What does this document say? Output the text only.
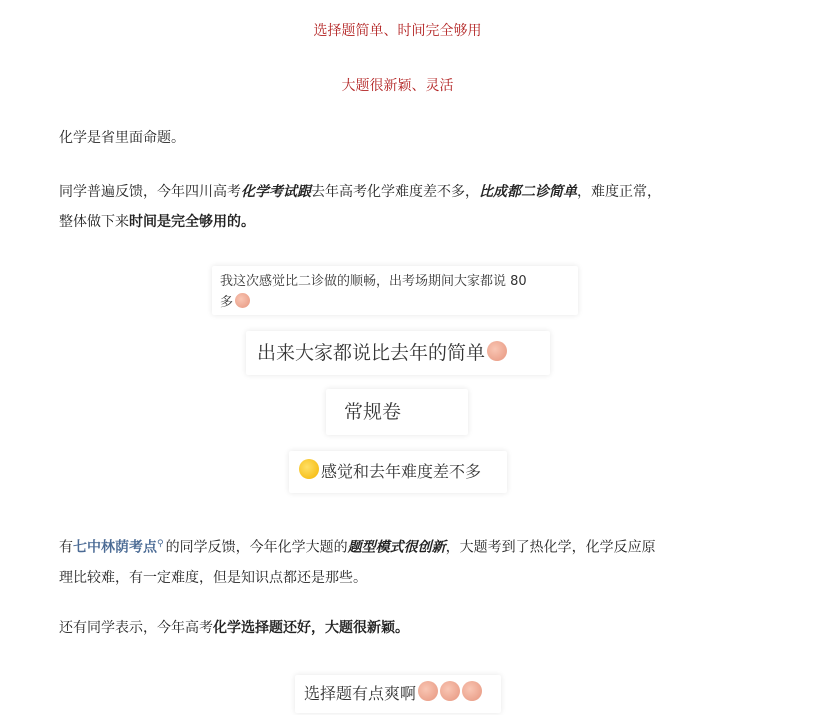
选择题简单、时间完全够用
大题很新颖、灵活
化学是省里面命题。
同学普遍反馈，今年四川高考化学考试跟去年高考化学难度差不多，比成都二诊简单，难度正常，
整体做下来时间是完全够用的。
我这次感觉比二诊做的顺畅，出考场期间大家都说 80
多
出来大家都说比去年的简单
常规卷
感觉和去年难度差不多
有七中林荫考点⚲ 的同学反馈，今年化学大题的题型模式很创新，大题考到了热化学，化学反应原
理比较难，有一定难度，但是知识点都还是那些。
还有同学表示，今年高考化学选择题还好，大题很新颖。
选择题有点爽啊
